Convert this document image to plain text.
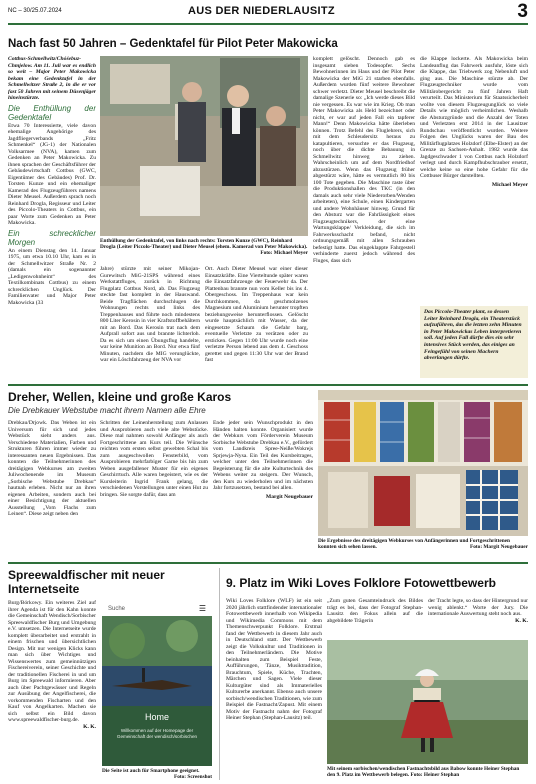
NC – 30/25.07.2024	AUS DER NIEDERLAUSITZ	3
Nach fast 50 Jahren – Gedenktafel für Pilot Peter Makowicka

Cottbus-Schmellwitz/Chóśebuz-Chmjelow. Am 11. Juli war es endlich so weit – Major Peter Makowicka bekam eine Gedenktafel in der Schmellwitzer Straße 2, in die er vor fast 50 Jahren mit seinem Düsenjäger hineinstürzte.

Die Enthüllung der Gedenktafel

Etwa 70 Interessierte, viele davon ehemalige Angehörige des Jagdfliegerverbands „Fritz Schmenkel“ (JG-1) der Nationalen Volksarmee (NVA), kamen zum Gedenken an Peter Makowicka. Zu ihnen sprachen der Geschäftsführer der Gebäudewirtschaft Cottbus (GWC, Eigentümer des Gebäudes) Prof. Dr. Torsten Kunze und ein ehemaliger Kamerad des Flugzeugführers namens Dieter Meusel. Außerdem sprach noch Reinhard Drogla, Regisseur und Leiter des Piccolo-Theaters in Cottbus, ein paar Worte zum Gedenken an Peter Makowicka.

Ein schrecklicher Morgen

An einem Dienstag den 14. Januar 1975, um etwa 10.10 Uhr, kam es in der Schmellwitzer Straße Nr. 2 (damals ein sogenannter „Ledigenwohnheim“ des Textilkombinats Cottbus) zu einem schrecklichen Unglück. Der Familienvater und Major Peter Makowicka (33

Enthüllung der Gedenktafel, von links nach rechts: Torsten Kunze (GWC), Reinhard Drogla (Leiter Piccolo-Theater) und Dieter Meusel (ehem. Kamerad von Peter Makowicka).
Foto: Michael Meyer
Jahre) stürzte mit seiner Mikojan-Gurewitsch MiG-21SPS während eines Werkstattfluges, zurück in Richtung Flugplatz Cottbus Nord, ab. Das Flugzeug steckte fast komplett in der Hauswand. Beide Tragflächen durchschlugen die Wohnungen rechts und links des Treppenhauses und führte noch mindestens 800 Liter Kerosin in vier Kraftstoffbehältern mit an Bord. Das Kerosin trat nach dem Aufprall sofort aus und brannte lichterloh. Da es sich um einen Übungsflug handelte, war keine Munition an Bord. Nur etwa fünf Minuten, nachdem die MIG verunglückte, war ein Löschfahrzeug der NVA vor
Ort. Auch Dieter Meusel war einer dieser Einsatzkräfte. Eine Vierteltunde später waren die Einsatzfahrzeuge der Feuerwehr da. Der Plattenbau brannte nun vom Keller bis ins 4. Obergeschoss. Im Treppenhaus war kein Durchkommen, da geschmolzenes Magnesium und Aluminium herunter tropften beziehungsweise herunterflossen. Gelöscht wurde hauptsächlich mit Wasser, da der eingesetzte Schaum die Gefahr barg, eventuelle Verletzte zu verätzen oder zu ersticken. Gegen 11:00 Uhr wurde noch eine verletzte Person lebend aus dem 4. Geschoss gerettet und gegen 11:30 Uhr war der Brand fast
komplett gelöscht. Dennoch gab es insgesamt sieben Todesopfer. Sechs Bewohnerinnen im Haus und der Pilot Peter Makowicka der MiG 21 starben ebenfalls. Außerdem wurden fünf weitere Bewohner schwer verletzt. Dieter Meusel beschreibt die damalige Szenerie so: „Ich werde dieses Bild nie vergessen. Es war wie im Krieg. Ob man Peter Makowicka als Held bezeichnet oder nicht, er war auf jeden Fall ein tapferer Mann!“ Denn Makowicka hätte überleben können. Trotz Befehl des Fluglehrers, sich mit dem Schleudersitz heraus zu katapultieren, versuchte er das Flugzeug, noch über die dichte Bebauung in Schmellwitz hinweg zu ziehen. Wahrscheinlich um auf dem Nordfriedhof abzustürzen. Wenn das Flugzeug früher abgestürzt wäre, hätte es vermutlich 80 bis 100 Tote gegeben. Die Maschine raste über die Produktionshallen des TKC (in den damals auch sehr viele Niederorben/Wenden arbeiteten), eine Schule, einen Kindergarten und andere Wohnhäuser hinweg. Grund für den Absturz war die Fahrlässigkeit eines Flugzeugtechnikers, der eine Wartungsklappe/ Verkleidung, die sich im Fahrwerksschacht befand, nicht ordnungsgemäß mit allen Schrauben befestigt hatte. Das eingeklappte Fahrgestell verhinderte zuerst jedoch während des Fluges, dass sich

die Klappe lockerte. Als Makowicka beim Landeanflug das Fahrwerk ausfuhr, löste sich die Klappe, das Triebwerk zog Nebenluft und ging aus. Die Maschine stürzte ab. Der Flugzeugtechniker wurde vom Militärobergericht zu fünf Jahren Haft verurteilt. Das Ministerium für Staatssicherheit wollte von diesem Flugzeugunglück so viele Details wie möglich verheimlichen. Weshalb die Absturzgründe und die Anzahl der Toten und Verletzten erst 2014 in der Lausitzer Rundschau veröffentlicht wurden. Weitere Folgen des Unglücks waren der Bau des Militärflugplatzes Holzdorf (Elbe-Elster) an der Grenze zu Sachsen-Anhalt. 1982 wurde das Jagdgeschwader 1 von Cottbus nach Holzdorf verlegt und durch Kampfhubschrauber ersetzt, welche keine so eine hohe Gefahr für die Cottbuser Bürger darstellten.

Michael Meyer
Das Piccolo-Theater plant, so dessen Leiter Reinhard Drogla, ein Theaterstück aufzuführen, das die letzten zehn Minuten in Peter Makowickas Leben interpretieren soll. Auf jeden Fall dürfte dies ein sehr intensives Stück werden, das einiges an Feingefühl von seinen Machern abverlangen dürfte.
Dreher, Wellen, kleine und große Karos
Die Drebkauer Webstube macht ihrem Namen alle Ehre
Drebkau/Drjowk. Das Weben ist ein Universum für sich und jedes Webstück sieht anders aus. Verschiedene Materialien, Farben und Strukturen führen immer wieder zu interessanten neuen Ergebnissen. Das konnten die Teilnehmerinnen des dreitägigen Webkurses am zweiten Juliwochenende im Museum „Sorbische Webstube Drebkau“ hautnah erleben. Nicht nur an ihren eigenen Arbeiten, sondern auch bei einer Besichtigung der aktuellen Ausstellung „Vom Flachs zum Leinen“. Diese zeigt neben den
Schritten der Leinenherstellung zum Anlassen und Ausprobieren auch viele alte Webstücke. Diese mal nahmen sowohl Anfänger als auch Fortgeschrittene am Kurs teil. Die Wünsche reichten vom ersten selbst gewebten Schal bis zum ausgeschwollen Fensterbild, vom Ausprobieren mehrfarbiger Garne bis hin zum Weben ausgefallener Muster für ein eigenes Geschirrtuch. Alle waren begeistert, wie es der Kursleiterin Ingrid Frank gelang, die verschiedenen Vorstellungen unter einen Hut zu bringen. Sie sorgte dafür, dass am

Ende jeder sein Wunschprodukt in den Händen halten konnte. Organisiert wurde der Webkurs vom Förderverein Museum Sorbische Webstube Drebkau e.V., gefördert vom Landkreis Spree-Neiße/Wokrejs Sprjewja-Nysa. Ein Teil des Kursbeitrages, welcher unter den Teilnehmerinnen die Begeisterung für die alte Kulturtechnik des Webens weiter zu steigern. Der Wunsch, den Kurs zu wiederholen und im nächsten Jahr fortzusetzen, bestand bei allen.

Margit Neugebauer
Die Ergebnisse des dreitägigen Webkurses von Anfängerinnen und Fortgeschrittenen konnten sich sehen lassen.	Foto: Margit Neugebauer
Spreewaldfischer mit neuer Internetseite

Burg/Bórkowy. Ein weiteres Ziel auf ihrer Agenda ist für den Kahn konnte die Gemeinschaft Wendisch/Sorbischer Spreewaldfischer Burg und Umgebung e.V. umsetzen. Die Internetseite wurde komplett überarbeitet und erstrahlt in einem frischen und übersichtlichen Design. Mit nur wenigen Klicks kann man sich über Wichtiges und Wissenswertes zum gemeinnützigen Fischereiverein, seiner Geschichte und der traditionellen Fischerei in und um Burg im Spreewald informieren. Aber auch über Pachtgewässer und Regeln zur Ausübung der Angelfischerei, die vorkommenden Fischarten und den Kauf von Angelkarten. Machen sie sich selbst ein Bild davon www.spreewaldfischer-burg.de.

K. K.
Suche	☰
Home
Willkommen auf der Homepage der Gemeinschaft der wendisch/sorbischen
Die Seite ist auch für Smartphone geeignet.
Foto: Screenshot
9. Platz im Wiki Loves Folklore Fotowettbewerb
Wiki Loves Folklore (WLF) ist ein seit 2020 jährlich stattfindender internationaler Fotowettbewerb innerhalb von Wikipedia und Wikimedia Commons mit dem Themenschwerpunkt Folklore. Erstmal fand der Wettbewerb in diesem Jahr auch in Deutschland statt. Der Wettbewerb zeigt die Volkskultur und Traditionen in den Teilnehmerländern. Die Motive beinhalten zum Beispiel Feste, Aufführungen, Tänze, Musiktradition, Brauchtum, Spiele, Küche, Trachten, Märchen und Sagen. Viele dieser Kulturgüter sind als Immaterielles Kulturerbe anerkannt. Ebenso auch unsere sorbisch/wendischen Traditionen, wie zum Beispiel die Fastnacht/Zapust. Mit einem Motiv der Fastnacht nahm der Fotograf Heiner Stephan (Stephan-Lausitz) teil.
„Zum guten Gesamteindruck des Bildes trägt es bei, dass der Fotograf Stephan-Lausitz den Fokus allein auf die abgebildete Trägerin

der Tracht legte, so dass der Hintergrund nur wenig ablenkt.“ Worte der Jury. Die internationale Auswertung steht noch aus.

K. K.
Mit seinem sorbischen/wendischen Fastnachtsbild aus Babow konnte Heiner Stephan den 9. Platz im Wettbewerb belegen. Foto: Heiner Stephan
